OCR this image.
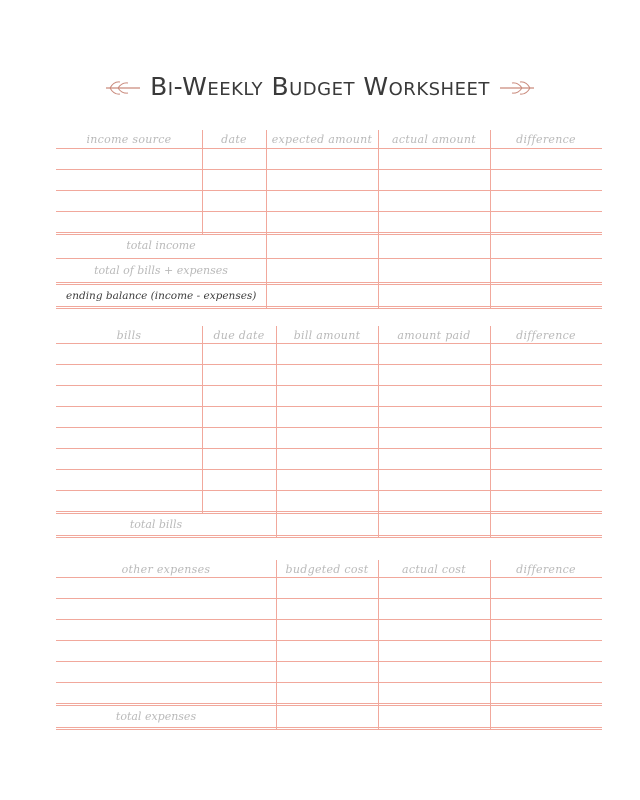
Bi-Weekly Budget Worksheet
income source	date	expected amount	actual amount	difference
total income
total of bills + expenses
ending balance (income - expenses)
bills	due date	bill amount	amount paid	difference
total bills
other expenses	budgeted cost	actual cost	difference
total expenses
